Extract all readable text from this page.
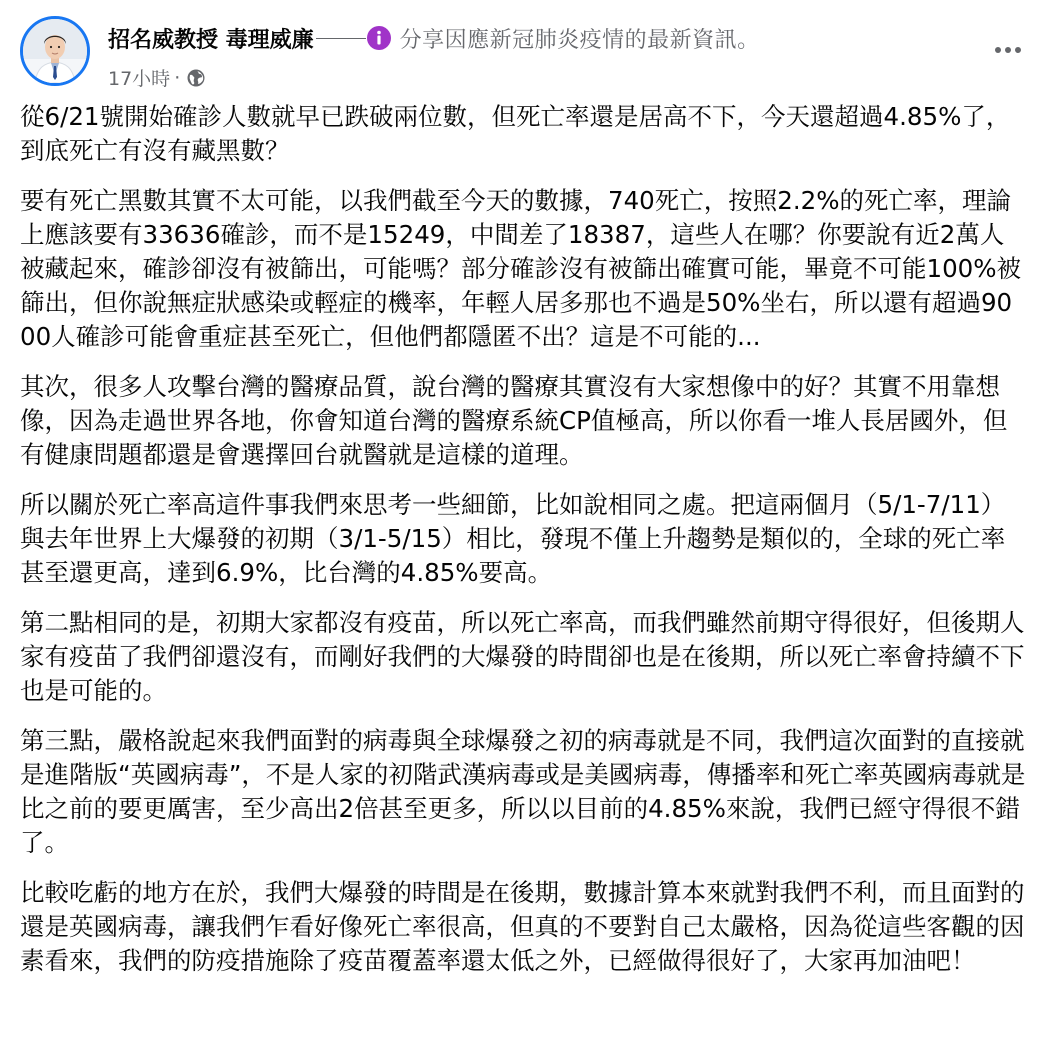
招名威教授 毒理威廉	分享因應新冠肺炎疫情的最新資訊。
17小時 ·

從6/21號開始確診人數就早已跌破兩位數，但死亡率還是居高不下，今天還超過4.85%了，到底死亡有沒有藏黑數？

要有死亡黑數其實不太可能，以我們截至今天的數據，740死亡，按照2.2%的死亡率，理論上應該要有33636確診，而不是15249，中間差了18387，這些人在哪？你要說有近2萬人被藏起來，確診卻沒有被篩出，可能嗎？部分確診沒有被篩出確實可能，畢竟不可能100%被篩出，但你說無症狀感染或輕症的機率，年輕人居多那也不過是50%坐右，所以還有超過9000人確診可能會重症甚至死亡，但他們都隱匿不出？這是不可能的...

其次，很多人攻擊台灣的醫療品質，說台灣的醫療其實沒有大家想像中的好？其實不用靠想像，因為走過世界各地，你會知道台灣的醫療系統CP值極高，所以你看一堆人長居國外，但有健康問題都還是會選擇回台就醫就是這樣的道理。

所以關於死亡率高這件事我們來思考一些細節，比如說相同之處。把這兩個月（5/1-7/11）與去年世界上大爆發的初期（3/1-5/15）相比，發現不僅上升趨勢是類似的，全球的死亡率甚至還更高，達到6.9%，比台灣的4.85%要高。

第二點相同的是，初期大家都沒有疫苗，所以死亡率高，而我們雖然前期守得很好，但後期人家有疫苗了我們卻還沒有，而剛好我們的大爆發的時間卻也是在後期，所以死亡率會持續不下也是可能的。

第三點，嚴格說起來我們面對的病毒與全球爆發之初的病毒就是不同，我們這次面對的直接就是進階版“英國病毒”，不是人家的初階武漢病毒或是美國病毒，傳播率和死亡率英國病毒就是比之前的要更厲害，至少高出2倍甚至更多，所以以目前的4.85%來說，我們已經守得很不錯了。

比較吃虧的地方在於，我們大爆發的時間是在後期，數據計算本來就對我們不利，而且面對的還是英國病毒，讓我們乍看好像死亡率很高，但真的不要對自己太嚴格，因為從這些客觀的因素看來，我們的防疫措施除了疫苗覆蓋率還太低之外，已經做得很好了，大家再加油吧！
